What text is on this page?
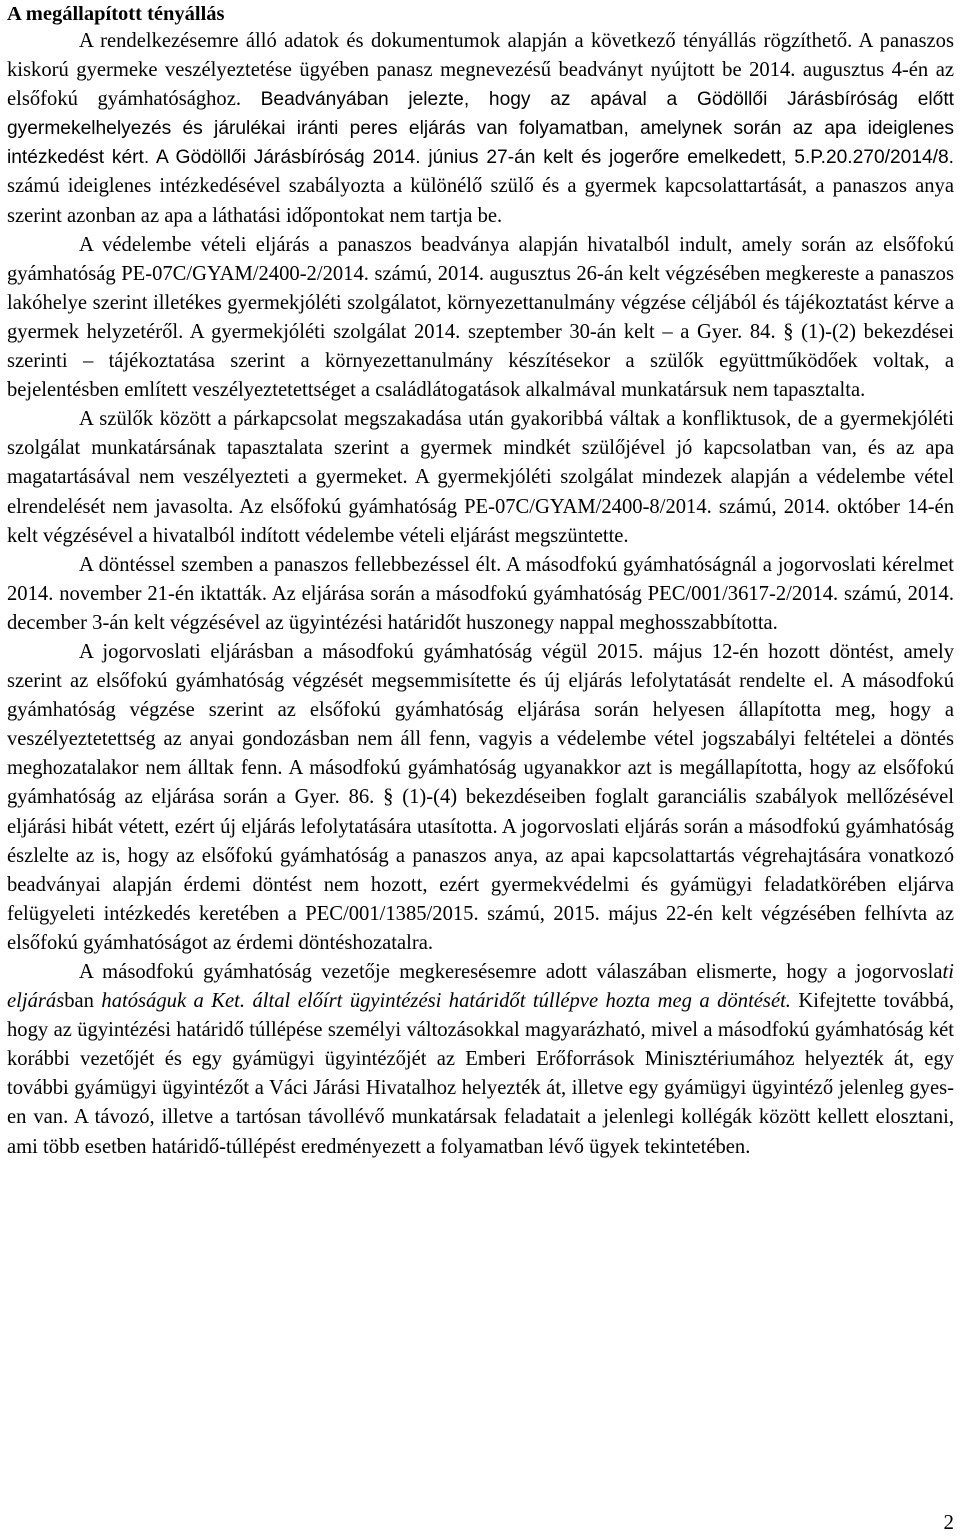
A megállapított tényállás

A rendelkezésemre álló adatok és dokumentumok alapján a következő tényállás rögzíthető. A panaszos kiskorú gyermeke veszélyeztetése ügyében panasz megnevezésű beadványt nyújtott be 2014. augusztus 4-én az elsőfokú gyámhatósághoz. Beadványában jelezte, hogy az apával a Gödöllői Járásbíróság előtt gyermekelhelyezés és járulékai iránti peres eljárás van folyamatban, amelynek során az apa ideiglenes intézkedést kért. A Gödöllői Járásbíróság 2014. június 27-án kelt és jogerőre emelkedett, 5.P.20.270/2014/8. számú ideiglenes intézkedésével szabályozta a különélő szülő és a gyermek kapcsolattartását, a panaszos anya szerint azonban az apa a láthatási időpontokat nem tartja be.

A védelembe vételi eljárás a panaszos beadványa alapján hivatalból indult, amely során az elsőfokú gyámhatóság PE-07C/GYAM/2400-2/2014. számú, 2014. augusztus 26-án kelt végzésében megkereste a panaszos lakóhelye szerint illetékes gyermekjóléti szolgálatot, környezettanulmány végzése céljából és tájékoztatást kérve a gyermek helyzetéről. A gyermekjóléti szolgálat 2014. szeptember 30-án kelt – a Gyer. 84. § (1)-(2) bekezdései szerinti – tájékoztatása szerint a környezettanulmány készítésekor a szülők együttműködőek voltak, a bejelentésben említett veszélyeztetettséget a családlátogatások alkalmával munkatársuk nem tapasztalta.

A szülők között a párkapcsolat megszakadása után gyakoribbá váltak a konfliktusok, de a gyermekjóléti szolgálat munkatársának tapasztalata szerint a gyermek mindkét szülőjével jó kapcsolatban van, és az apa magatartásával nem veszélyezteti a gyermeket. A gyermekjóléti szolgálat mindezek alapján a védelembe vétel elrendelését nem javasolta. Az elsőfokú gyámhatóság PE-07C/GYAM/2400-8/2014. számú, 2014. október 14-én kelt végzésével a hivatalból indított védelembe vételi eljárást megszüntette.

A döntéssel szemben a panaszos fellebbezéssel élt. A másodfokú gyámhatóságnál a jogorvoslati kérelmet 2014. november 21-én iktatták. Az eljárása során a másodfokú gyámhatóság PEC/001/3617-2/2014. számú, 2014. december 3-án kelt végzésével az ügyintézési határidőt huszonegy nappal meghosszabbította.

A jogorvoslati eljárásban a másodfokú gyámhatóság végül 2015. május 12-én hozott döntést, amely szerint az elsőfokú gyámhatóság végzését megsemmisítette és új eljárás lefolytatását rendelte el. A másodfokú gyámhatóság végzése szerint az elsőfokú gyámhatóság eljárása során helyesen állapította meg, hogy a veszélyeztetettség az anyai gondozásban nem áll fenn, vagyis a védelembe vétel jogszabályi feltételei a döntés meghozatalakor nem álltak fenn. A másodfokú gyámhatóság ugyanakkor azt is megállapította, hogy az elsőfokú gyámhatóság az eljárása során a Gyer. 86. § (1)-(4) bekezdéseiben foglalt garanciális szabályok mellőzésével eljárási hibát vétett, ezért új eljárás lefolytatására utasította. A jogorvoslati eljárás során a másodfokú gyámhatóság észlelte az is, hogy az elsőfokú gyámhatóság a panaszos anya, az apai kapcsolattartás végrehajtására vonatkozó beadványai alapján érdemi döntést nem hozott, ezért gyermekvédelmi és gyámügyi feladatkörében eljárva felügyeleti intézkedés keretében a PEC/001/1385/2015. számú, 2015. május 22-én kelt végzésében felhívta az elsőfokú gyámhatóságot az érdemi döntéshozatalra.

A másodfokú gyámhatóság vezetője megkeresésemre adott válaszában elismerte, hogy a jogorvoslati eljárásban hatóságuk a Ket. által előírt ügyintézési határidőt túllépve hozta meg a döntését. Kifejtette továbbá, hogy az ügyintézési határidő túllépése személyi változásokkal magyarázható, mivel a másodfokú gyámhatóság két korábbi vezetőjét és egy gyámügyi ügyintézőjét az Emberi Erőforrások Minisztériumához helyezték át, egy további gyámügyi ügyintézőt a Váci Járási Hivatalhoz helyezték át, illetve egy gyámügyi ügyintéző jelenleg gyes-en van. A távozó, illetve a tartósan távollévő munkatársak feladatait a jelenlegi kollégák között kellett elosztani, ami több esetben határidő-túllépést eredményezett a folyamatban lévő ügyek tekintetében.

2
